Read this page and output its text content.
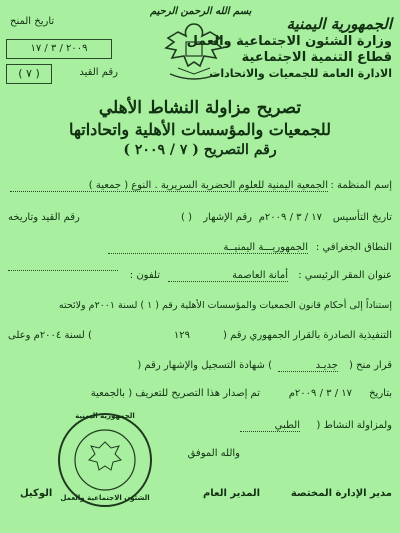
بسم الله الرحمن الرحيم
الجمهورية اليمنية
وزارة الشئون الاجتماعية والعمل
قطاع التنمية الاجتماعية
الادارة العامة للجمعيات والاتحادات
تاريخ المنح
٢٠٠٩ / ٣ / ١٧
( ٧ )	رقم القيد
تصريح مزاولة النشاط الأهلي
للجمعيات والمؤسسات الأهلية واتحاداتها
رقم التصريح ( ٧ / ٢٠٠٩ )
إسم المنظمة :
الجمعية اليمنية للعلوم الحضرية السريرية . النوع ( جمعية )
تاريخ التأسيس
١٧ / ٣ / ٢٠٠٩م
رقم الإشهار
( )
رقم القيد وتاريخه
النطاق الجغرافي :
الجمهوريـــة اليمنيــة
عنوان المقر الرئيسي :
أمانة العاصمة
تلفون :
إستناداً إلى أحكام قانون الجمعيات والمؤسسات الأهلية رقم ( ١ ) لسنة ٢٠٠١م ولائحته
التنفيذية الصادرة بالقرار الجمهوري رقم (
١٢٩
) لسنة ٢٠٠٤م وعلى
قرار منح (
جديـد
) شهادة التسجيل والإشهار رقم (
بتاريخ
١٧ / ٣ / ٢٠٠٩م
تم إصدار هذا التصريح للتعريف ( بالجمعية
ولمزاولة النشاط (
الطبي
والله الموفق
مدير الإدارة المختصة
المدير العام
الوكيل
الجمهورية اليمنية
الشئون الاجتماعية والعمل
